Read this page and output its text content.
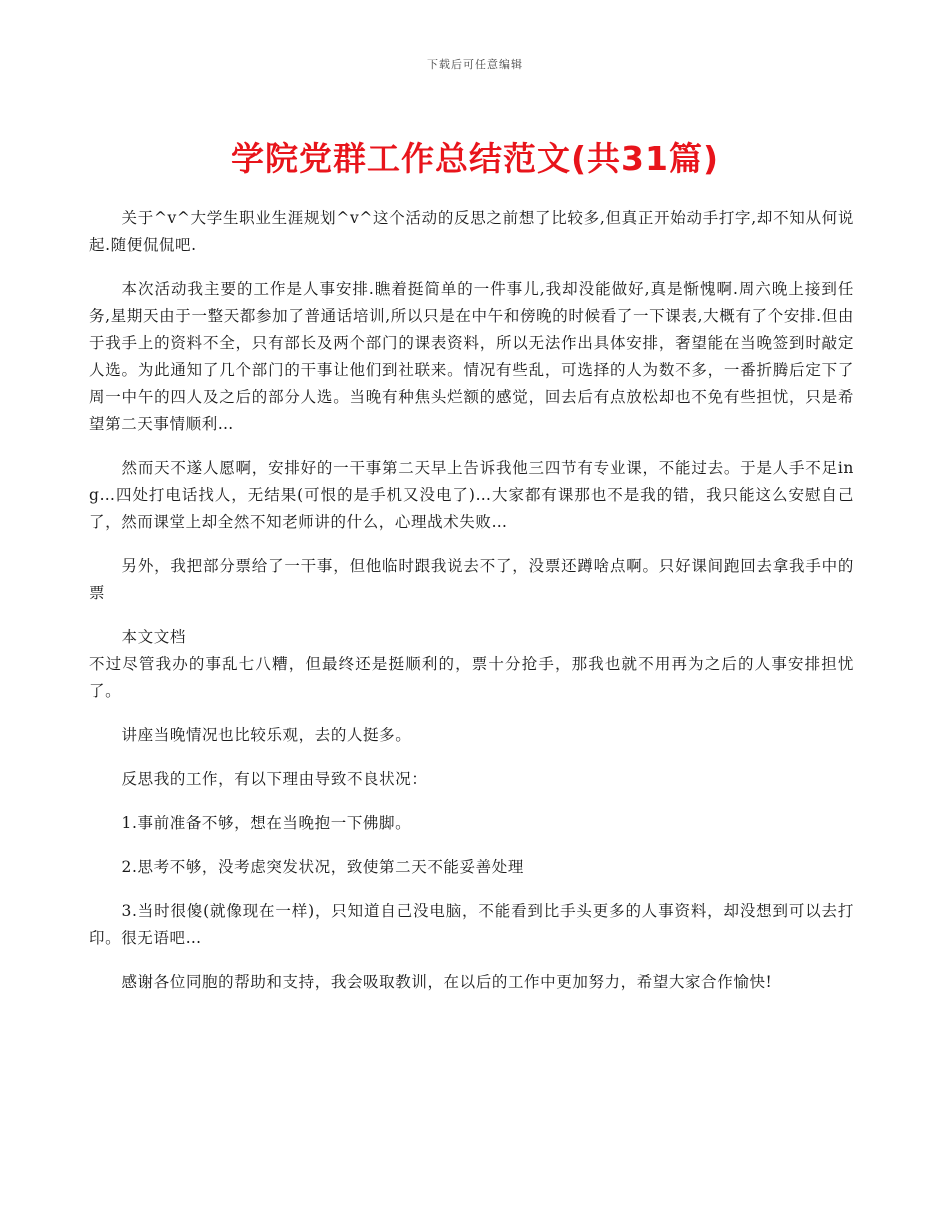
下载后可任意编辑
学院党群工作总结范文(共31篇)

关于^v^大学生职业生涯规划^v^这个活动的反思之前想了比较多,但真正开始动手打字,却不知从何说起.随便侃侃吧.

本次活动我主要的工作是人事安排.瞧着挺简单的一件事儿,我却没能做好,真是惭愧啊.周六晚上接到任务,星期天由于一整天都参加了普通话培训,所以只是在中午和傍晚的时候看了一下课表,大概有了个安排.但由于我手上的资料不全，只有部长及两个部门的课表资料，所以无法作出具体安排，奢望能在当晚签到时敲定人选。为此通知了几个部门的干事让他们到社联来。情况有些乱，可选择的人为数不多，一番折腾后定下了周一中午的四人及之后的部分人选。当晚有种焦头烂额的感觉，回去后有点放松却也不免有些担忧，只是希望第二天事情顺利…

然而天不遂人愿啊，安排好的一干事第二天早上告诉我他三四节有专业课，不能过去。于是人手不足ing…四处打电话找人，无结果(可恨的是手机又没电了)…大家都有课那也不是我的错，我只能这么安慰自己了，然而课堂上却全然不知老师讲的什么，心理战术失败…

另外，我把部分票给了一干事，但他临时跟我说去不了，没票还蹲啥点啊。只好课间跑回去拿我手中的票

本文文档

不过尽管我办的事乱七八糟，但最终还是挺顺利的，票十分抢手，那我也就不用再为之后的人事安排担忧了。

讲座当晚情况也比较乐观，去的人挺多。

反思我的工作，有以下理由导致不良状况：

1.事前准备不够，想在当晚抱一下佛脚。

2.思考不够，没考虑突发状况，致使第二天不能妥善处理

3.当时很傻(就像现在一样)，只知道自己没电脑，不能看到比手头更多的人事资料，却没想到可以去打印。很无语吧…

感谢各位同胞的帮助和支持，我会吸取教训，在以后的工作中更加努力，希望大家合作愉快!
